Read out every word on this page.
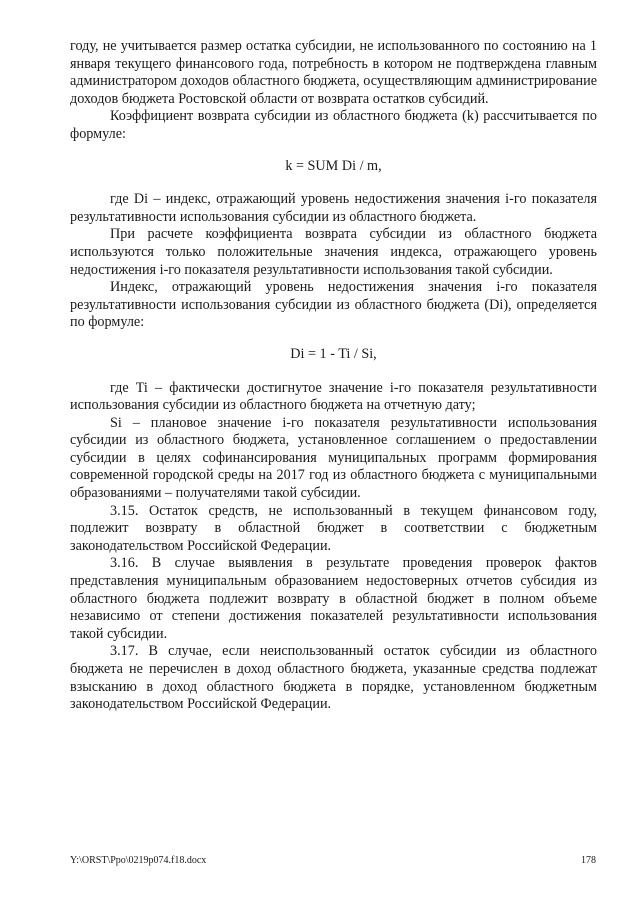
году, не учитывается размер остатка субсидии, не использованного по состоянию на 1 января текущего финансового года, потребность в котором не подтверждена главным администратором доходов областного бюджета, осуществляющим администрирование доходов бюджета Ростовской области от возврата остатков субсидий.

Коэффициент возврата субсидии из областного бюджета (k) рассчитывается по формуле:

k = SUM Di / m,

где Di – индекс, отражающий уровень недостижения значения i-го показателя результативности использования субсидии из областного бюджета.

При расчете коэффициента возврата субсидии из областного бюджета используются только положительные значения индекса, отражающего уровень недостижения i-го показателя результативности использования такой субсидии.

Индекс, отражающий уровень недостижения значения i-го показателя результативности использования субсидии из областного бюджета (Di), определяется по формуле:

Di = 1 - Ti / Si,

где Ti – фактически достигнутое значение i-го показателя результативности использования субсидии из областного бюджета на отчетную дату;

Si – плановое значение i-го показателя результативности использования субсидии из областного бюджета, установленное соглашением о предоставлении субсидии в целях софинансирования муниципальных программ формирования современной городской среды на 2017 год из областного бюджета с муниципальными образованиями – получателями такой субсидии.

3.15. Остаток средств, не использованный в текущем финансовом году, подлежит возврату в областной бюджет в соответствии с бюджетным законодательством Российской Федерации.

3.16. В случае выявления в результате проведения проверок фактов представления муниципальным образованием недостоверных отчетов субсидия из областного бюджета подлежит возврату в областной бюджет в полном объеме независимо от степени достижения показателей результативности использования такой субсидии.

3.17. В случае, если неиспользованный остаток субсидии из областного бюджета не перечислен в доход областного бюджета, указанные средства подлежат взысканию в доход областного бюджета в порядке, установленном бюджетным законодательством Российской Федерации.

Y:\ORST\Ppo\0219p074.f18.docx	178
